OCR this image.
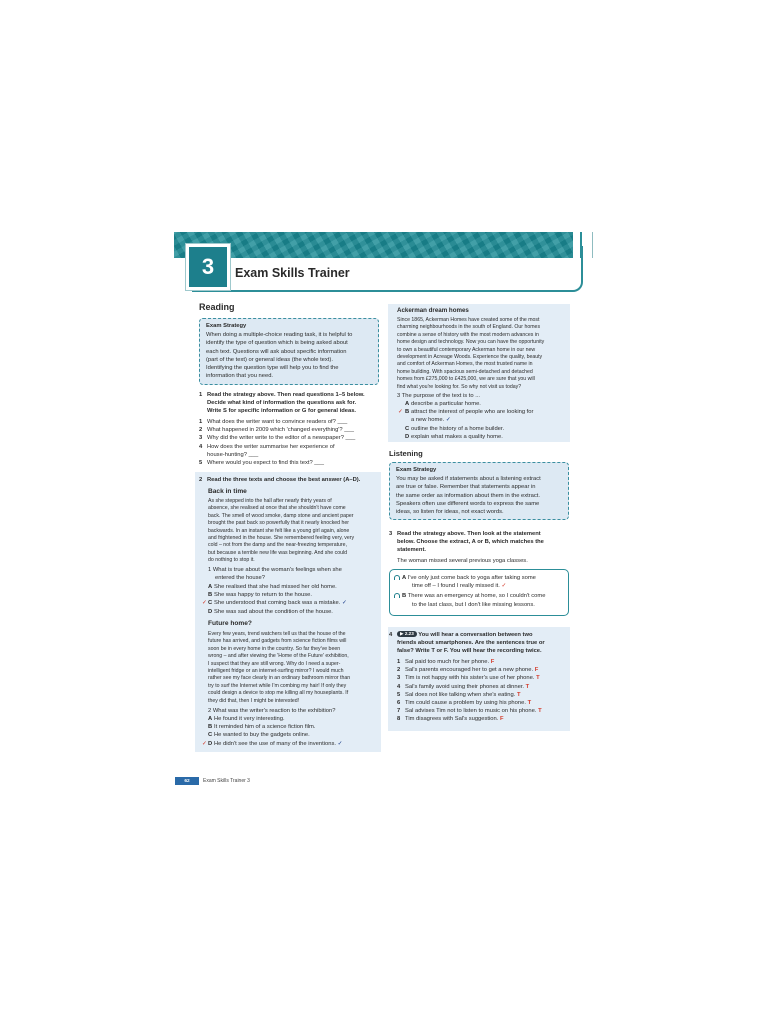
3	Exam Skills Trainer
Reading
Exam Strategy
When doing a multiple-choice reading task, it is helpful to
identify the type of question which is being asked about
each text. Questions will ask about specific information
(part of the text) or general ideas (the whole text).
Identifying the question type will help you to find the
information that you need.
1 Read the strategy above. Then read questions 1–5 below.
Decide what kind of information the questions ask for.
Write S for specific information or G for general ideas.
1 What does the writer want to convince readers of? ___
2 What happened in 2009 which 'changed everything'? ___
3 Why did the writer write to the editor of a newspaper? ___
4 How does the writer summarise her experience of
house-hunting? ___
5 Where would you expect to find this text? ___
2 Read the three texts and choose the best answer (A–D).
Back in time
As she stepped into the hall after nearly thirty years of
absence, she realised at once that she shouldn't have come
back. The smell of wood smoke, damp stone and ancient paper
brought the past back so powerfully that it nearly knocked her
backwards. In an instant she felt like a young girl again, alone
and frightened in the house. She remembered feeling very, very
cold – not from the damp and the near-freezing temperature,
but because a terrible new life was beginning. And she could
do nothing to stop it.
1 What is true about the woman's feelings when she
entered the house?
A She realised that she had missed her old home.
B She was happy to return to the house.
✓ C She understood that coming back was a mistake. ✓
D She was sad about the condition of the house.
Future home?
Every few years, trend watchers tell us that the house of the
future has arrived, and gadgets from science fiction films will
soon be in every home in the country. So far they've been
wrong – and after viewing the 'Home of the Future' exhibition,
I suspect that they are still wrong. Why do I need a super-
intelligent fridge or an internet-surfing mirror? I would much
rather see my face clearly in an ordinary bathroom mirror than
try to surf the Internet while I'm combing my hair! If only they
could design a device to stop me killing all my houseplants. If
they did that, then I might be interested!
2 What was the writer's reaction to the exhibition?
A He found it very interesting.
B It reminded him of a science fiction film.
C He wanted to buy the gadgets online.
✓ D He didn't see the use of many of the inventions. ✓
Ackerman dream homes
Since 1865, Ackerman Homes have created some of the most
charming neighbourhoods in the south of England. Our homes
combine a sense of history with the most modern advances in
home design and technology. Now you can have the opportunity
to own a beautiful contemporary Ackerman home in our new
development in Acreage Woods. Experience the quality, beauty
and comfort of Ackerman Homes, the most trusted name in
home building. With spacious semi-detached and detached
homes from £275,000 to £425,000, we are sure that you will
find what you're looking for. So why not visit us today?
3 The purpose of the text is to ...
A describe a particular home.
✓ B attract the interest of people who are looking for
a new home. ✓
C outline the history of a home builder.
D explain what makes a quality home.
Listening
Exam Strategy
You may be asked if statements about a listening extract
are true or false. Remember that statements appear in
the same order as information about them in the extract.
Speakers often use different words to express the same
ideas, so listen for ideas, not exact words.
3 Read the strategy above. Then look at the statement
below. Choose the extract, A or B, which matches the
statement.
The woman missed several previous yoga classes.
A I've only just come back to yoga after taking some
time off – I found I really missed it. ✓
B There was an emergency at home, so I couldn't come
to the last class, but I don't like missing lessons.
4 ▶ 2.23 You will hear a conversation between two
friends about smartphones. Are the sentences true or
false? Write T or F. You will hear the recording twice.
1 Sal paid too much for her phone. F
2 Sal's parents encouraged her to get a new phone. F
3 Tim is not happy with his sister's use of her phone. T
4 Sal's family avoid using their phones at dinner. T
5 Sal does not like talking when she's eating. T
6 Tim could cause a problem by using his phone. T
7 Sal advises Tim not to listen to music on his phone. T
8 Tim disagrees with Sal's suggestion. F
62	Exam Skills Trainer 3
